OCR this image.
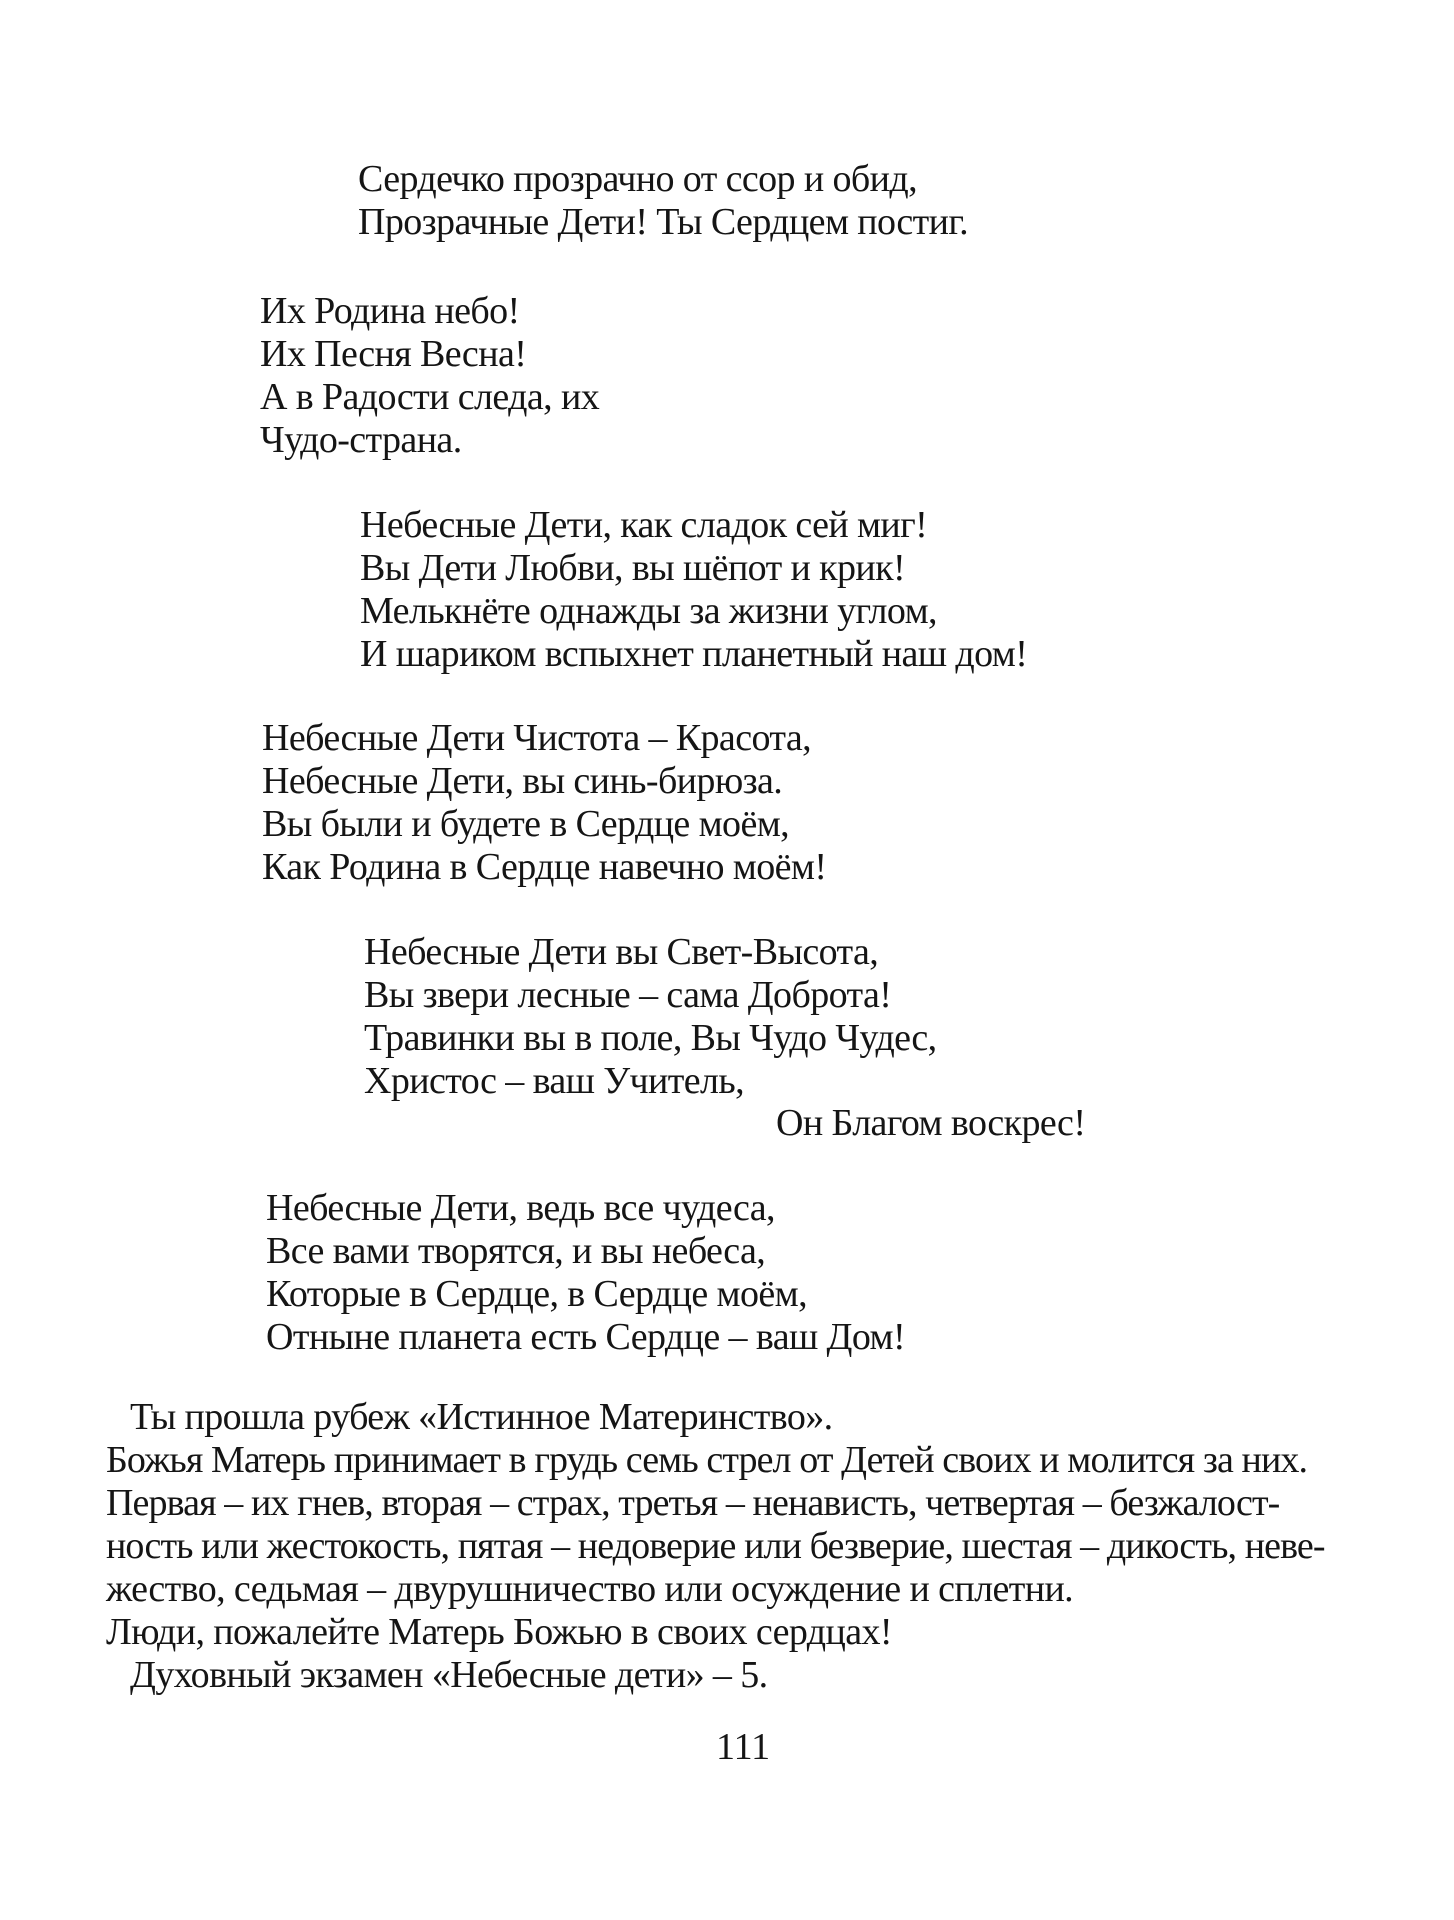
Сердечко прозрачно от ссор и обид,
Прозрачные Дети! Ты Сердцем постиг.
Их Родина небо!
Их Песня Весна!
А в Радости следа, их
Чудо-страна.
Небесные Дети, как сладок сей миг!
Вы Дети Любви, вы шёпот и крик!
Мелькнёте однажды за жизни углом,
И шариком вспыхнет планетный наш дом!
Небесные Дети Чистота – Красота,
Небесные Дети, вы синь-бирюза.
Вы были и будете в Сердце моём,
Как Родина в Сердце навечно моём!
Небесные Дети вы Свет-Высота,
Вы звери лесные – сама Доброта!
Травинки вы в поле, Вы Чудо Чудес,
Христос – ваш Учитель,
Он Благом воскрес!
Небесные Дети, ведь все чудеса,
Все вами творятся, и вы небеса,
Которые в Сердце, в Сердце моём,
Отныне планета есть Сердце – ваш Дом!
Ты прошла рубеж «Истинное Материнство».
Божья Матерь принимает в грудь семь стрел от Детей своих и молится за них.
Первая – их гнев, вторая – страх, третья – ненависть, четвертая – безжалост-
ность или жестокость, пятая – недоверие или безверие, шестая – дикость, неве-
жество, седьмая – двурушничество или осуждение и сплетни.
Люди, пожалейте Матерь Божью в своих сердцах!
Духовный экзамен «Небесные дети» – 5.
111
